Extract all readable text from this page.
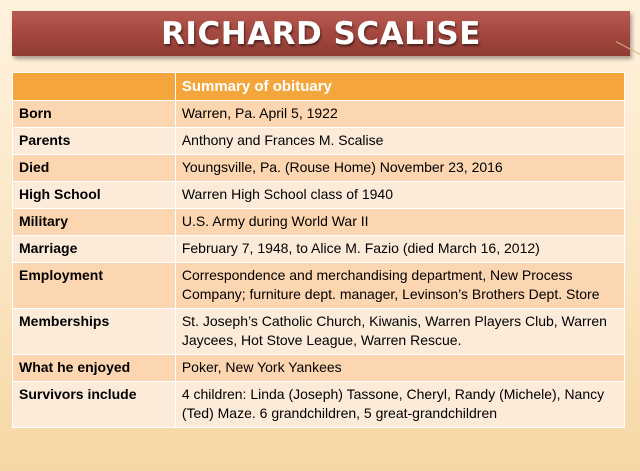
RICHARD SCALISE
	Summary of obituary
Born	Warren, Pa. April 5, 1922
Parents	Anthony and Frances M. Scalise
Died	Youngsville, Pa. (Rouse Home) November 23, 2016
High School	Warren High School class of 1940
Military	U.S. Army during World War II
Marriage	February 7, 1948, to Alice M. Fazio (died March 16, 2012)
Employment	Correspondence and merchandising department, New Process Company; furniture dept. manager, Levinson’s Brothers Dept. Store
Memberships	St. Joseph’s Catholic Church, Kiwanis, Warren Players Club, Warren Jaycees, Hot Stove League, Warren Rescue.
What he enjoyed	Poker, New York Yankees
Survivors include	4 children: Linda (Joseph) Tassone, Cheryl, Randy (Michele), Nancy (Ted) Maze. 6 grandchildren, 5 great-grandchildren
